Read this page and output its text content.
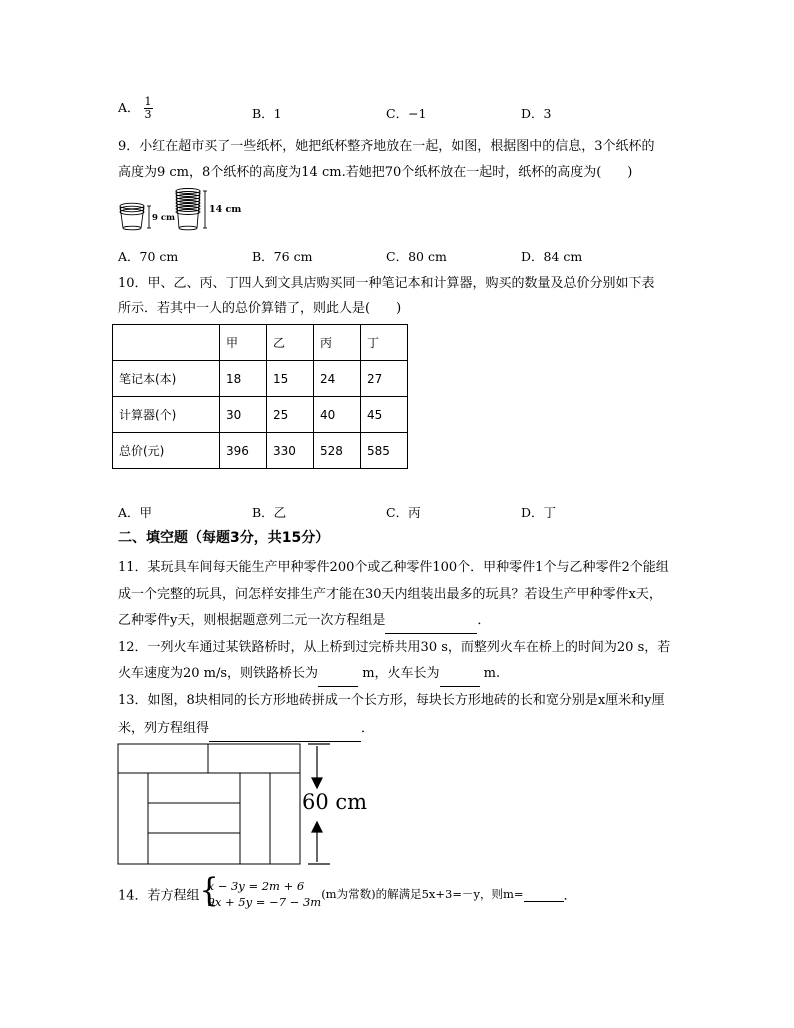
A． $\frac{1}{3}$	B．1	C．−1	D．3
9．小红在超市买了一些纸杯，她把纸杯整齐地放在一起，如图，根据图中的信息，3个纸杯的
高度为9 cm，8个纸杯的高度为14 cm.若她把70个纸杯放在一起时，纸杯的高度为(　　)
9 cm
14 cm
A．70 cm	B．76 cm	C．80 cm	D．84 cm
10．甲、乙、丙、丁四人到文具店购买同一种笔记本和计算器，购买的数量及总价分别如下表
所示．若其中一人的总价算错了，则此人是(　　)
	甲	乙	丙	丁
笔记本(本)	18	15	24	27
计算器(个)	30	25	40	45
总价(元)	396	330	528	585
A．甲	B．乙	C．丙	D．丁
二、填空题（每题3分，共15分）
11．某玩具车间每天能生产甲种零件200个或乙种零件100个．甲种零件1个与乙种零件2个能组
成一个完整的玩具，问怎样安排生产才能在30天内组装出最多的玩具？若设生产甲种零件x天，
乙种零件y天，则根据题意列二元一次方程组是	．
12．一列火车通过某铁路桥时，从上桥到过完桥共用30 s，而整列火车在桥上的时间为20 s，若
火车速度为20 m/s，则铁路桥长为	m，火车长为	m.
13．如图，8块相同的长方形地砖拼成一个长方形，每块长方形地砖的长和宽分别是x厘米和y厘
米，列方程组得	．
60 cm
14．若方程组 {
x − 3y = 2m + 6
9x + 5y = −7 − 3m
(m为常数)的解满足5x+3=－y，则m=	．
